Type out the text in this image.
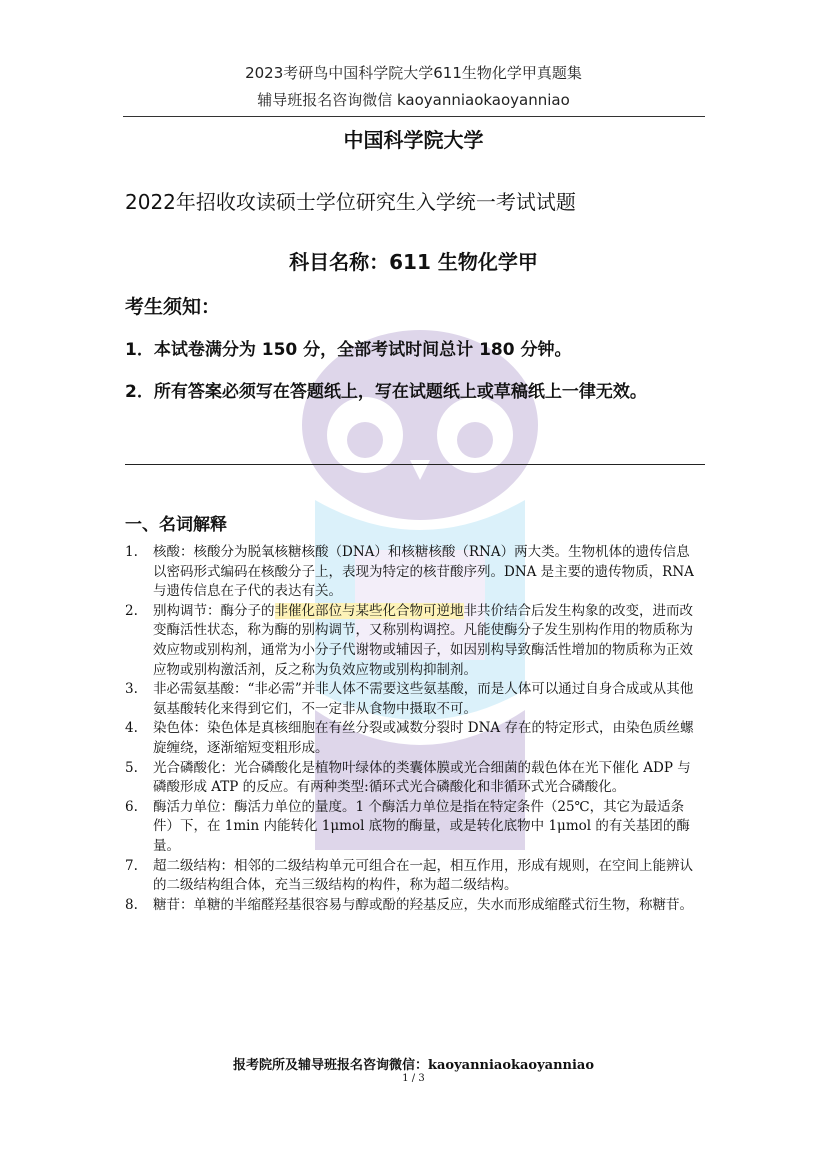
2023考研鸟中国科学院大学611生物化学甲真题集
辅导班报名咨询微信 kaoyanniaokaoyanniao
中国科学院大学
2022年招收攻读硕士学位研究生入学统一考试试题
科目名称：611 生物化学甲
考生须知：
1．本试卷满分为 150 分，全部考试时间总计 180 分钟。
2．所有答案必须写在答题纸上，写在试题纸上或草稿纸上一律无效。
一、名词解释
1. 核酸：核酸分为脱氧核糖核酸（DNA）和核糖核酸（RNA）两大类。生物机体的遗传信息以密码形式编码在核酸分子上，表现为特定的核苷酸序列。DNA 是主要的遗传物质，RNA 与遗传信息在子代的表达有关。
2. 别构调节：酶分子的非催化部位与某些化合物可逆地非共价结合后发生构象的改变，进而改变酶活性状态，称为酶的别构调节，又称别构调控。凡能使酶分子发生别构作用的物质称为效应物或别构剂，通常为小分子代谢物或辅因子，如因别构导致酶活性增加的物质称为正效应物或别构激活剂，反之称为负效应物或别构抑制剂。
3. 非必需氨基酸：“非必需”并非人体不需要这些氨基酸，而是人体可以通过自身合成或从其他氨基酸转化来得到它们，不一定非从食物中摄取不可。
4. 染色体：染色体是真核细胞在有丝分裂或减数分裂时 DNA 存在的特定形式，由染色质丝螺旋缠绕，逐渐缩短变粗形成。
5. 光合磷酸化：光合磷酸化是植物叶绿体的类囊体膜或光合细菌的载色体在光下催化 ADP 与磷酸形成 ATP 的反应。有两种类型:循环式光合磷酸化和非循环式光合磷酸化。
6. 酶活力单位：酶活力单位的量度。1 个酶活力单位是指在特定条件（25℃，其它为最适条件）下，在 1min 内能转化 1μmol 底物的酶量，或是转化底物中 1μmol 的有关基团的酶量。
7. 超二级结构：相邻的二级结构单元可组合在一起，相互作用，形成有规则，在空间上能辨认的二级结构组合体，充当三级结构的构件，称为超二级结构。
8. 糖苷：单糖的半缩醛羟基很容易与醇或酚的羟基反应，失水而形成缩醛式衍生物，称糖苷。
报考院所及辅导班报名咨询微信：kaoyanniaokaoyanniao
1 / 3
